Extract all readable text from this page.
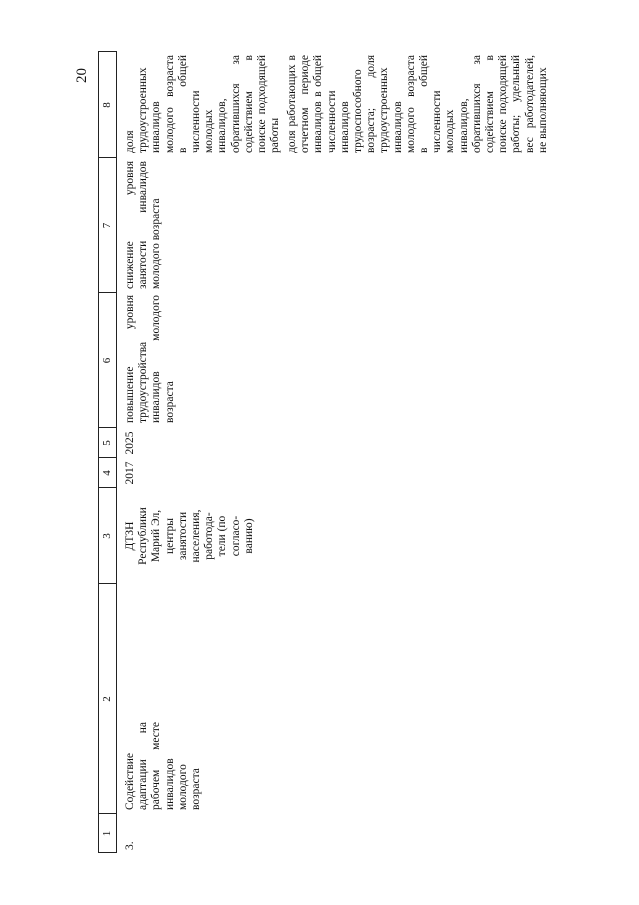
20
1
2
3
4
5
6
7
8
3.
Содействие адаптации на рабочем месте инвалидов молодого возраста
ДТЗН Республики Марий Эл, центры занятости населения, работода-тели (по согласо-ванию)
2017
2025
повышение уровня трудоустройства инвалидов молодого возраста
снижение уровня занятости инвалидов молодого возраста
доля трудоустроенных инвалидов молодого возраста в общей численности молодых инвалидов, обратившихся за содействием в поиске подходящей работы доля работающих в отчетном периоде инвалидов в общей численности инвалидов трудоспособного возраста; доля трудоустроенных инвалидов молодого возраста в общей численности молодых инвалидов, обратившихся за содействием в поиске подходящей работы; удельный вес работодателей, не выполняющих
